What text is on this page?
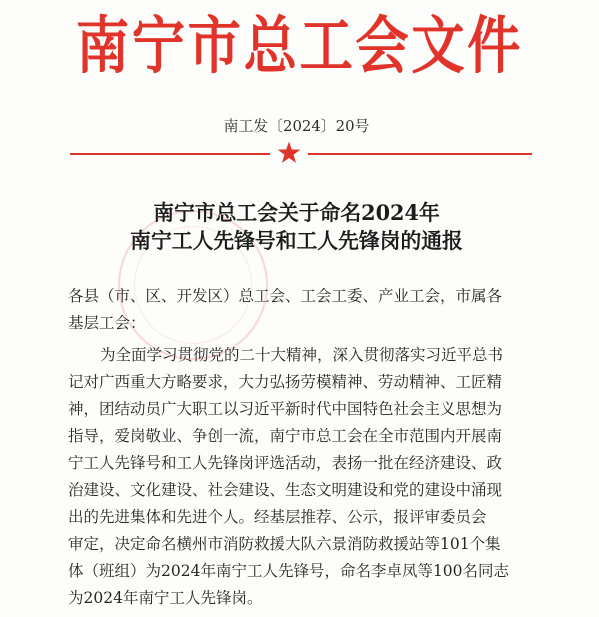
南宁市总工会文件
南工发〔2024〕20号
南宁市总工会关于命名2024年
南宁工人先锋号和工人先锋岗的通报
各县（市、区、开发区）总工会、工会工委、产业工会，市属各
基层工会：
为全面学习贯彻党的二十大精神，深入贯彻落实习近平总书
记对广西重大方略要求，大力弘扬劳模精神、劳动精神、工匠精
神，团结动员广大职工以习近平新时代中国特色社会主义思想为
指导，爱岗敬业、争创一流，南宁市总工会在全市范围内开展南
宁工人先锋号和工人先锋岗评选活动，表扬一批在经济建设、政
治建设、文化建设、社会建设、生态文明建设和党的建设中涌现
出的先进集体和先进个人。经基层推荐、公示，报评审委员会
审定，决定命名横州市消防救援大队六景消防救援站等101个集
体（班组）为2024年南宁工人先锋号，命名李卓凤等100名同志
为2024年南宁工人先锋岗。
